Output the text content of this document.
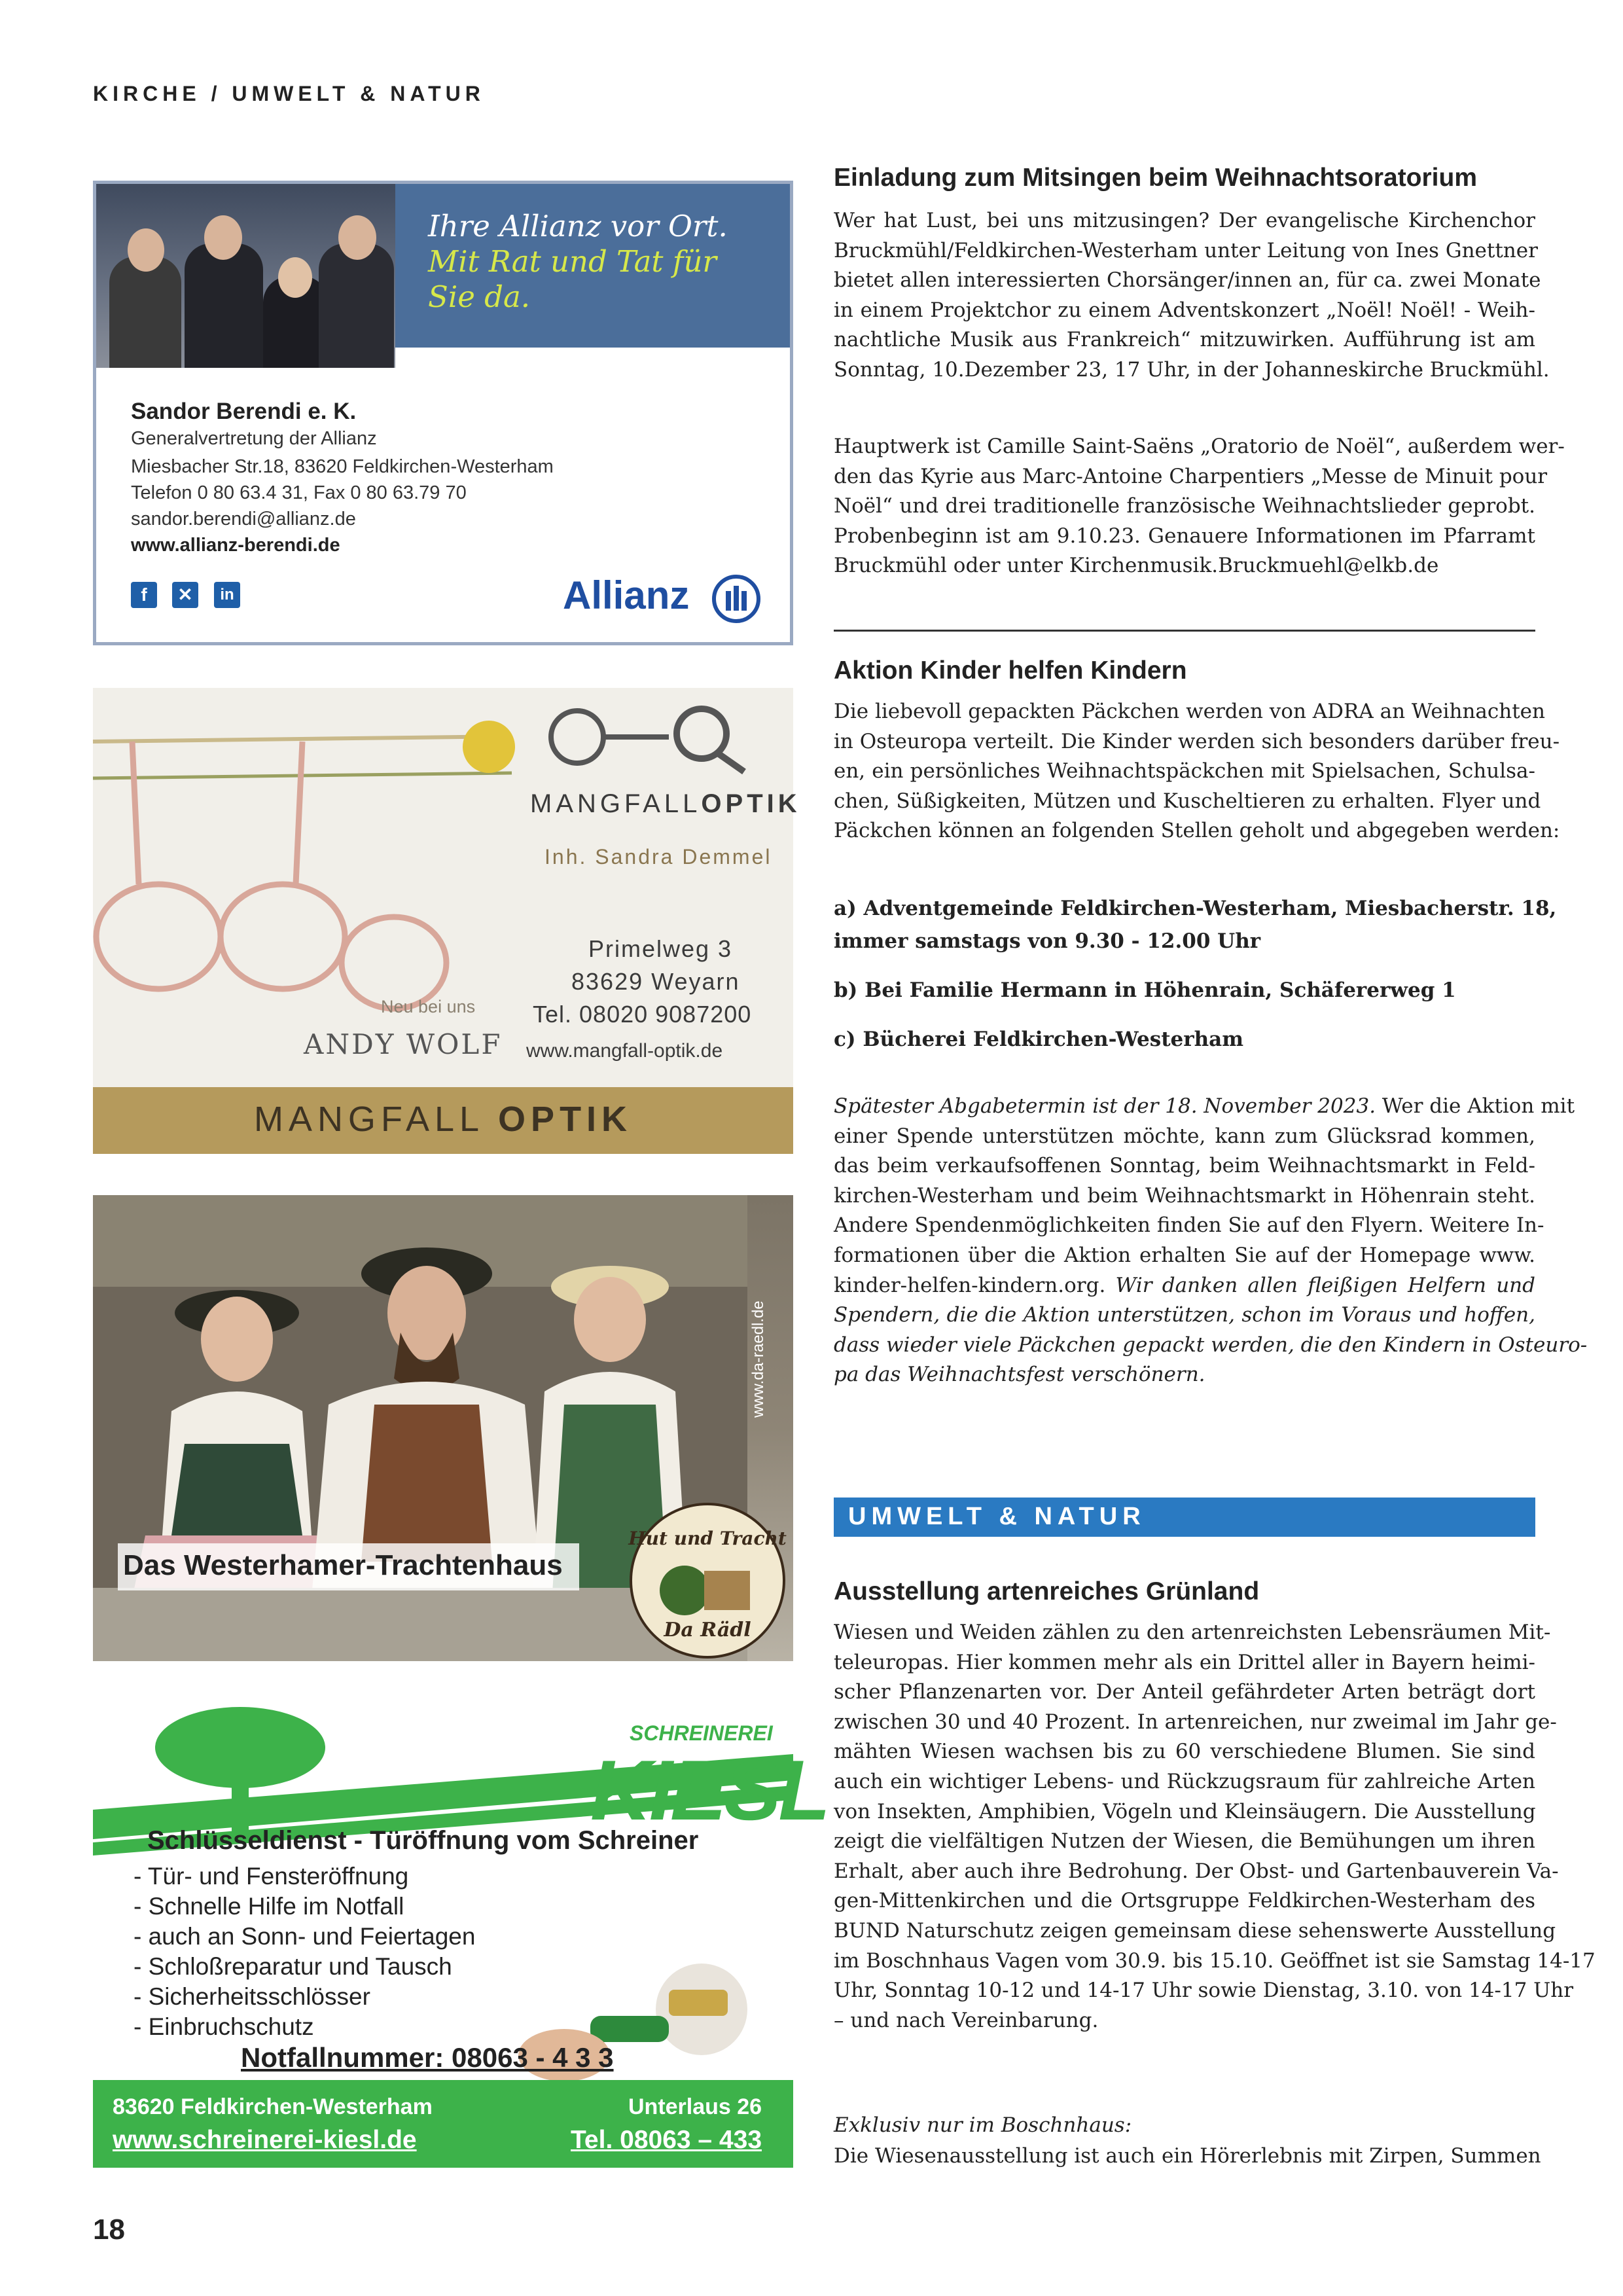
KIRCHE / UMWELT & NATUR
Einladung zum Mitsingen beim Weihnachtsoratorium
Wer hat Lust, bei uns mitzusingen? Der evangelische Kirchenchor
Bruckmühl/Feldkirchen-Westerham unter Leitung von Ines Gnettner
bietet allen interessierten Chorsänger/innen an, für ca. zwei Monate
in einem Projektchor zu einem Adventskonzert „Noël! Noël! - Weih-
nachtliche Musik aus Frankreich“ mitzuwirken. Aufführung ist am
Sonntag, 10.Dezember 23, 17 Uhr, in der Johanneskirche Bruckmühl.
Hauptwerk ist Camille Saint-Saëns „Oratorio de Noël“, außerdem wer-
den das Kyrie aus Marc-Antoine Charpentiers „Messe de Minuit pour
Noël“ und drei traditionelle französische Weihnachtslieder geprobt.
Probenbeginn ist am 9.10.23. Genauere Informationen im Pfarramt
Bruckmühl oder unter Kirchenmusik.Bruckmuehl@elkb.de
Aktion Kinder helfen Kindern
Die liebevoll gepackten Päckchen werden von ADRA an Weihnachten
in Osteuropa verteilt. Die Kinder werden sich besonders darüber freu-
en, ein persönliches Weihnachtspäckchen mit Spielsachen, Schulsa-
chen, Süßigkeiten, Mützen und Kuscheltieren zu erhalten. Flyer und
Päckchen können an folgenden Stellen geholt und abgegeben werden:
a) Adventgemeinde Feldkirchen-Westerham, Miesbacherstr. 18,
immer samstags von 9.30 - 12.00 Uhr
b) Bei Familie Hermann in Höhenrain, Schäfererweg 1
c) Bücherei Feldkirchen-Westerham
Spätester Abgabetermin ist der 18. November 2023. Wer die Aktion mit
einer Spende unterstützen möchte, kann zum Glücksrad kommen,
das beim verkaufsoffenen Sonntag, beim Weihnachtsmarkt in Feld-
kirchen-Westerham und beim Weihnachtsmarkt in Höhenrain steht.
Andere Spendenmöglichkeiten finden Sie auf den Flyern. Weitere In-
formationen über die Aktion erhalten Sie auf der Homepage www.
kinder-helfen-kindern.org. Wir danken allen fleißigen Helfern und
Spendern, die die Aktion unterstützen, schon im Voraus und hoffen,
dass wieder viele Päckchen gepackt werden, die den Kindern in Osteuro-
pa das Weihnachtsfest verschönern.
UMWELT & NATUR
Ausstellung artenreiches Grünland
Wiesen und Weiden zählen zu den artenreichsten Lebensräumen Mit-
teleuropas. Hier kommen mehr als ein Drittel aller in Bayern heimi-
scher Pflanzenarten vor. Der Anteil gefährdeter Arten beträgt dort
zwischen 30 und 40 Prozent. In artenreichen, nur zweimal im Jahr ge-
mähten Wiesen wachsen bis zu 60 verschiedene Blumen. Sie sind
auch ein wichtiger Lebens- und Rückzugsraum für zahlreiche Arten
von Insekten, Amphibien, Vögeln und Kleinsäugern. Die Ausstellung
zeigt die vielfältigen Nutzen der Wiesen, die Bemühungen um ihren
Erhalt, aber auch ihre Bedrohung. Der Obst- und Gartenbauverein Va-
gen-Mittenkirchen und die Ortsgruppe Feldkirchen-Westerham des
BUND Naturschutz zeigen gemeinsam diese sehenswerte Ausstellung
im Boschnhaus Vagen vom 30.9. bis 15.10. Geöffnet ist sie Samstag 14-17
Uhr, Sonntag 10-12 und 14-17 Uhr sowie Dienstag, 3.10. von 14-17 Uhr
– und nach Vereinbarung.
Exklusiv nur im Boschnhaus:
Die Wiesenausstellung ist auch ein Hörerlebnis mit Zirpen, Summen
Ihre Allianz vor Ort.
Mit Rat und Tat für
Sie da.
Sandor Berendi e. K.
Generalvertretung der Allianz
Miesbacher Str.18, 83620 Feldkirchen-Westerham
Telefon 0 80 63.4 31, Fax 0 80 63.79 70
sandor.berendi@allianz.de
www.allianz-berendi.de
f	✕	in	Allianz
MANGFALLOPTIK
Inh. Sandra Demmel
Primelweg 3
83629 Weyarn
Tel. 08020 9087200
www.mangfall-optik.de
Neu bei uns
ANDY WOLF
MANGFALL OPTIK
www.da-raedl.de
Das Westerhamer-Trachtenhaus
Hut und Tracht
Da Rädl
SCHREINEREI
KIESL
Schlüsseldienst - Türöffnung vom Schreiner
- Tür- und Fensteröffnung
- Schnelle Hilfe im Notfall
- auch an Sonn- und Feiertagen
- Schloßreparatur und Tausch
- Sicherheitsschlösser
- Einbruchschutz
Notfallnummer: 08063 - 4 3 3
83620 Feldkirchen-Westerham	Unterlaus 26
www.schreinerei-kiesl.de	Tel. 08063 – 433
18
